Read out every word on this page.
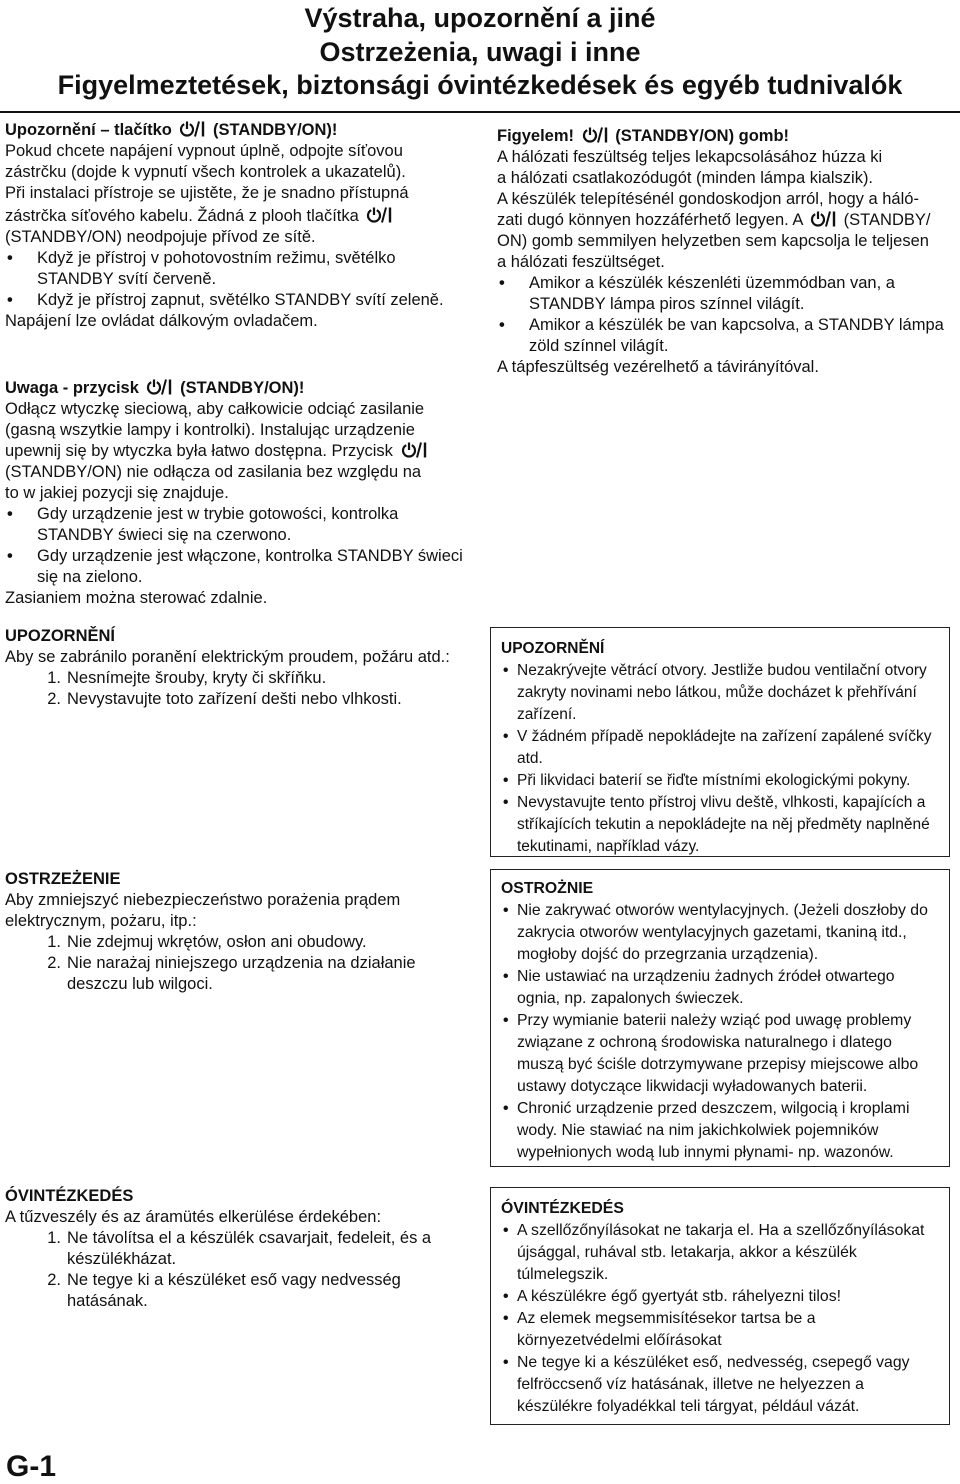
Výstraha, upozornění a jiné
Ostrzeżenia, uwagi i inne
Figyelmeztetések, biztonsági óvintézkedések és egyéb tudnivalók
Upozornění – tlačítko (STANDBY/ON)!
Pokud chcete napájení vypnout úplně, odpojte síťovou
zástrčku (dojde k vypnutí všech kontrolek a ukazatelů).
Při instalaci přístroje se ujistěte, že je snadno přístupná
zástrčka síťového kabelu. Žádná z plooh tlačítka
(STANDBY/ON) neodpojuje přívod ze sítě.
•	Když je přístroj v pohotovostním režimu, světélko STANDBY svítí červeně.
•	Když je přístroj zapnut, světélko STANDBY svítí zeleně.
Napájení lze ovládat dálkovým ovladačem.
Uwaga - przycisk (STANDBY/ON)!
Odłącz wtyczkę sieciową, aby całkowicie odciąć zasilanie
(gasną wszytkie lampy i kontrolki). Instalując urządzenie
upewnij się by wtyczka była łatwo dostępna. Przycisk
(STANDBY/ON) nie odłącza od zasilania bez względu na
to w jakiej pozycji się znajduje.
•	Gdy urządzenie jest w trybie gotowości, kontrolka STANDBY świeci się na czerwono.
•	Gdy urządzenie jest włączone, kontrolka STANDBY świeci się na zielono.
Zasianiem można sterować zdalnie.
UPOZORNĚNÍ
Aby se zabránilo poranění elektrickým proudem, požáru atd.:
1. Nesnímejte šrouby, kryty či skříňku.
2. Nevystavujte toto zařízení dešti nebo vlhkosti.
OSTRZEŻENIE
Aby zmniejszyć niebezpieczeństwo porażenia prądem elektrycznym, pożaru, itp.:
1. Nie zdejmuj wkrętów, osłon ani obudowy.
2. Nie narażaj niniejszego urządzenia na działanie deszczu lub wilgoci.
ÓVINTÉZKEDÉS
A tűzveszély és az áramütés elkerülése érdekében:
1. Ne távolítsa el a készülék csavarjait, fedeleit, és a készülékházat.
2. Ne tegye ki a készüléket eső vagy nedvesség hatásának.
Figyelem! (STANDBY/ON) gomb!
A hálózati feszültség teljes lekapcsolásához húzza ki
a hálózati csatlakozódugót (minden lámpa kialszik).
A készülék telepítésénél gondoskodjon arról, hogy a háló-
zati dugó könnyen hozzáférhető legyen. A (STANDBY/
ON) gomb semmilyen helyzetben sem kapcsolja le teljesen
a hálózati feszültséget.
•	Amikor a készülék készenléti üzemmódban van, a STANDBY lámpa piros színnel világít.
•	Amikor a készülék be van kapcsolva, a STANDBY lámpa zöld színnel világít.
A tápfeszültség vezérelhető a távirányítóval.
UPOZORNĚNÍ
• Nezakrývejte větrácí otvory. Jestliže budou ventilační otvory zakryty novinami nebo látkou, může docházet k přehřívání zařízení.
• V žádném případě nepokládejte na zařízení zapálené svíčky atd.
• Při likvidaci baterií se řiďte místními ekologickými pokyny.
• Nevystavujte tento přístroj vlivu deště, vlhkosti, kapajících a stříkajících tekutin a nepokládejte na něj předměty naplněné tekutinami, například vázy.
OSTROŻNIE
• Nie zakrywać otworów wentylacyjnych. (Jeżeli doszłoby do zakrycia otworów wentylacyjnych gazetami, tkaniną itd., mogłoby dojść do przegrzania urządzenia).
• Nie ustawiać na urządzeniu żadnych źródeł otwartego ognia, np. zapalonych świeczek.
• Przy wymianie baterii należy wziąć pod uwagę problemy związane z ochroną środowiska naturalnego i dlatego muszą być ściśle dotrzymywane przepisy miejscowe albo ustawy dotyczące likwidacji wyładowanych baterii.
• Chronić urządzenie przed deszczem, wilgocią i kroplami wody. Nie stawiać na nim jakichkolwiek pojemników wypełnionych wodą lub innymi płynami- np. wazonów.
ÓVINTÉZKEDÉS
• A szellőzőnyílásokat ne takarja el. Ha a szellőzőnyílásokat újsággal, ruhával stb. letakarja, akkor a készülék túlmelegszik.
• A készülékre égő gyertyát stb. ráhelyezni tilos!
• Az elemek megsemmisítésekor tartsa be a környezetvédelmi előírásokat
• Ne tegye ki a készüléket eső, nedvesség, csepegő vagy felfröccsenő víz hatásának, illetve ne helyezzen a készülékre folyadékkal teli tárgyat, például vázát.
G-1
